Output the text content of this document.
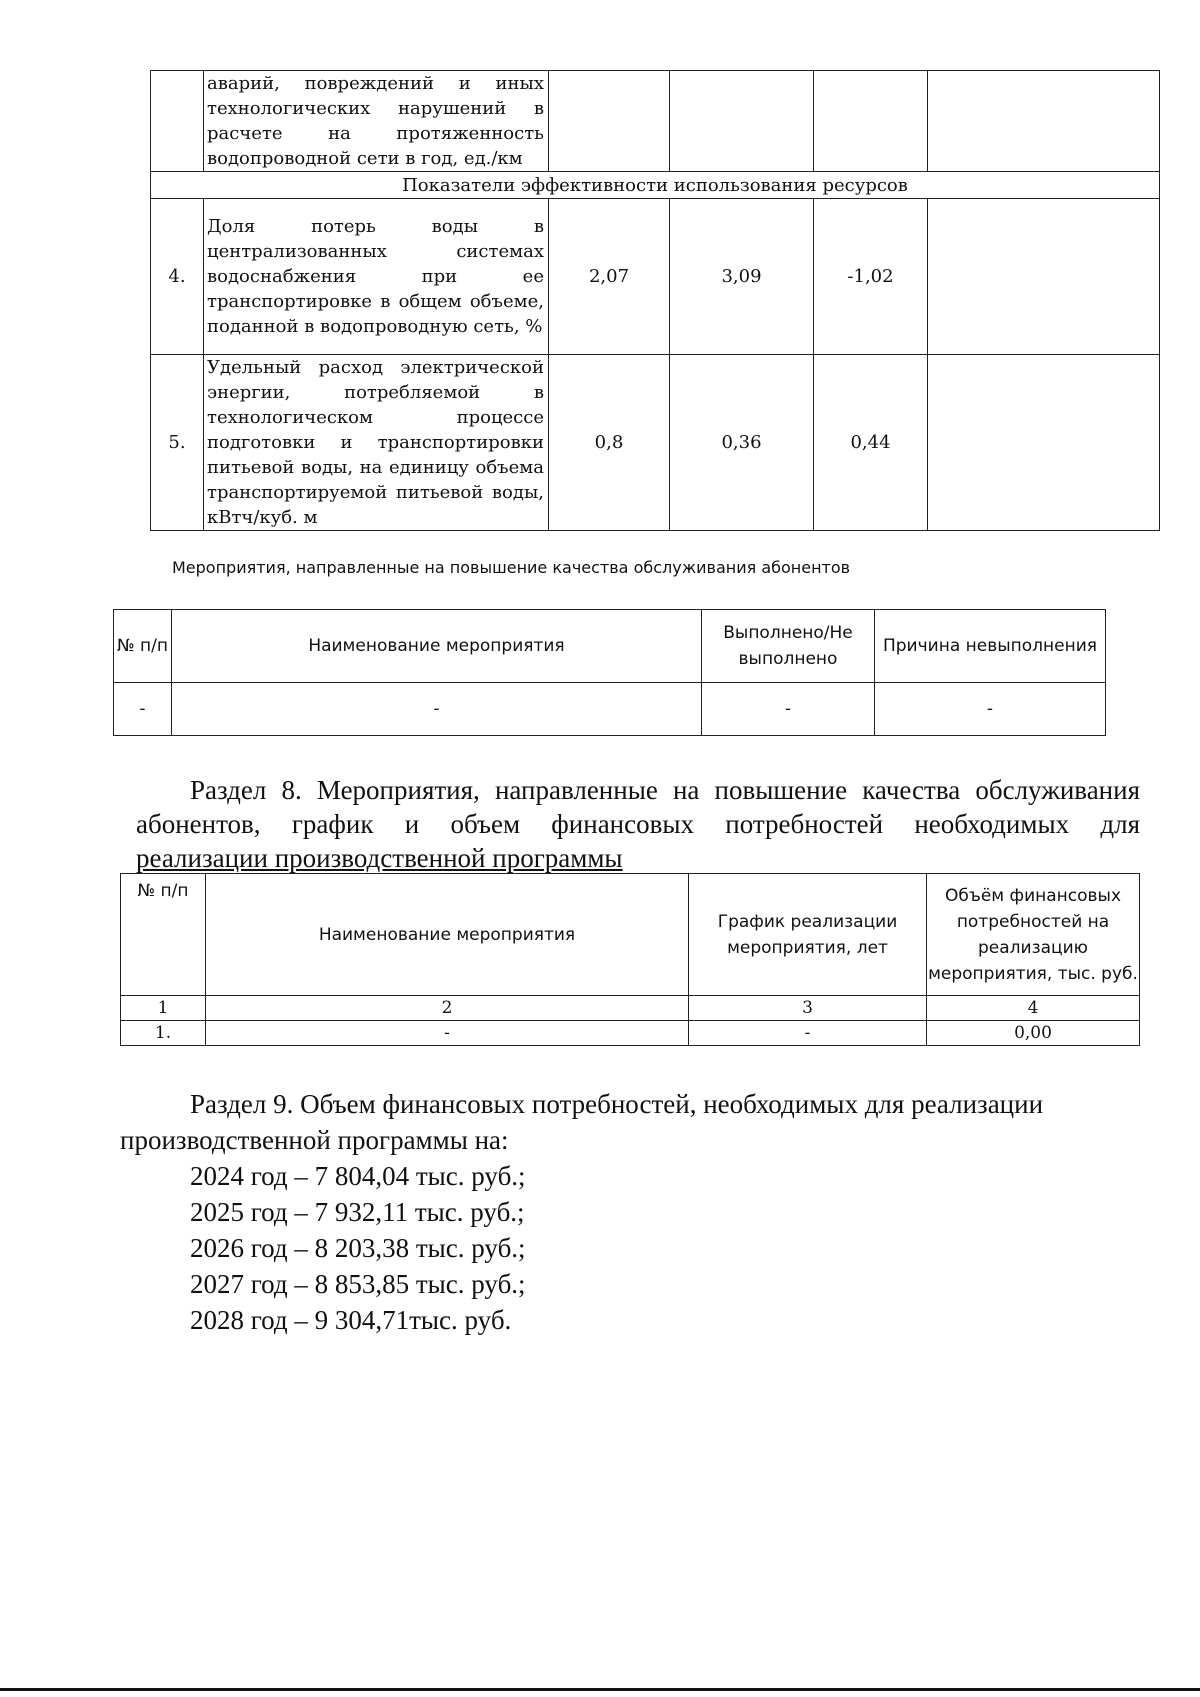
	аварий, повреждений и иных технологических нарушений в расчете на протяженность водопроводной сети в год, ед./км				
Показатели эффективности использования ресурсов					
4.	Доля потерь воды в централизованных системах водоснабжения при ее транспортировке в общем объеме, поданной в водопроводную сеть, %	2,07	3,09	-1,02	
5.	Удельный расход электрической энергии, потребляемой в технологическом процессе подготовки и транспортировки питьевой воды, на единицу объема транспортируемой питьевой воды, кВтч/куб. м	0,8	0,36	0,44	
Мероприятия, направленные на повышение качества обслуживания абонентов
№ п/п	Наименование мероприятия	Выполнено/Не выполнено	Причина невыполнения
-	-	-	-
Раздел 8. Мероприятия, направленные на повышение качества обслуживания
абонентов, график и объем финансовых потребностей необходимых для
реализации производственной программы
№ п/п	Наименование мероприятия	График реализации мероприятия, лет	Объём финансовых потребностей на реализацию мероприятия, тыс. руб.
1	2	3	4
1.	-	-	0,00

Раздел 9. Объем финансовых потребностей, необходимых для реализации производственной программы на:

2024 год – 7 804,04 тыс. руб.;
2025 год – 7 932,11 тыс. руб.;
2026 год – 8 203,38 тыс. руб.;
2027 год – 8 853,85 тыс. руб.;
2028 год – 9 304,71тыс. руб.
